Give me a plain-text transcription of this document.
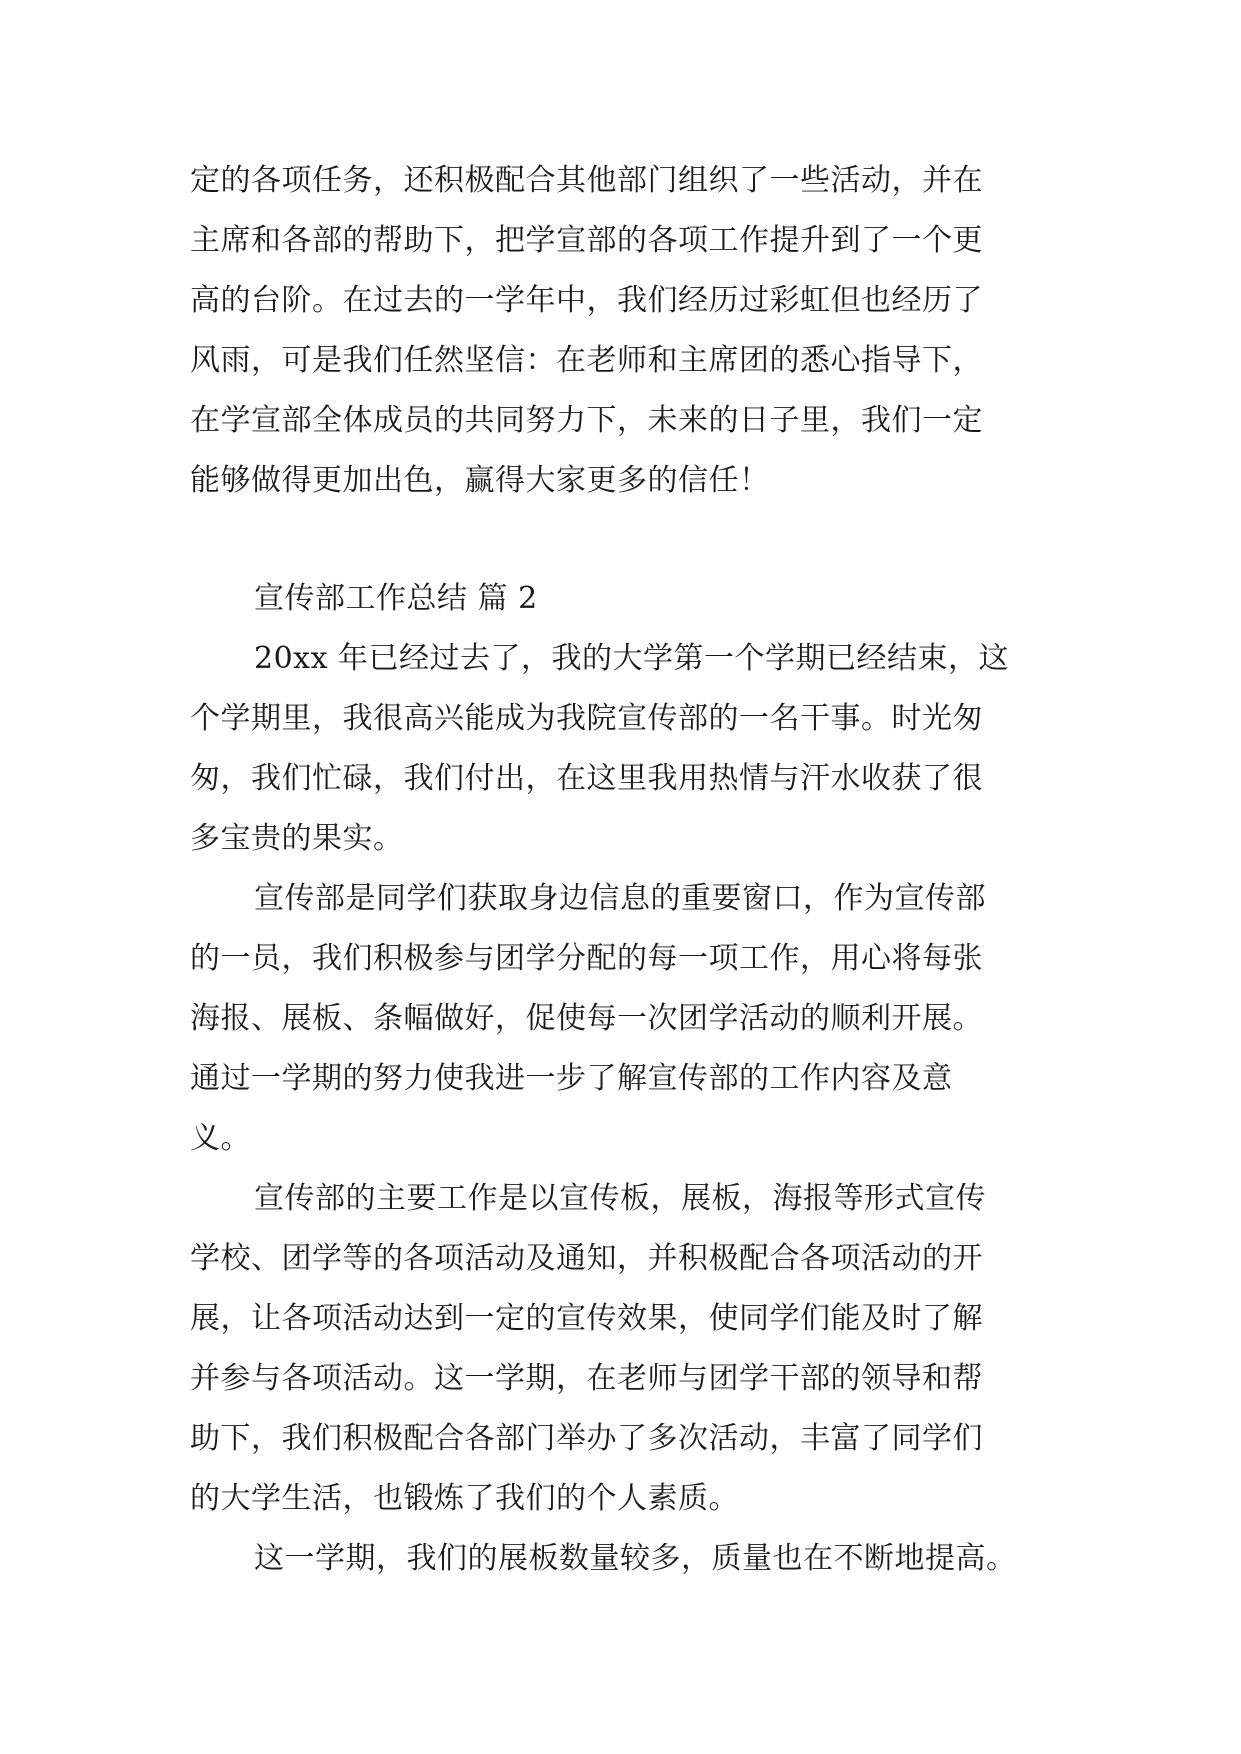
定的各项任务，还积极配合其他部门组织了一些活动，并在
主席和各部的帮助下，把学宣部的各项工作提升到了一个更
高的台阶。在过去的一学年中，我们经历过彩虹但也经历了
风雨，可是我们任然坚信：在老师和主席团的悉心指导下，
在学宣部全体成员的共同努力下，未来的日子里，我们一定
能够做得更加出色，赢得大家更多的信任！
宣传部工作总结 篇 2
20xx 年已经过去了，我的大学第一个学期已经结束，这
个学期里，我很高兴能成为我院宣传部的一名干事。时光匆
匆，我们忙碌，我们付出，在这里我用热情与汗水收获了很
多宝贵的果实。
宣传部是同学们获取身边信息的重要窗口，作为宣传部
的一员，我们积极参与团学分配的每一项工作，用心将每张
海报、展板、条幅做好，促使每一次团学活动的顺利开展。
通过一学期的努力使我进一步了解宣传部的工作内容及意
义。
宣传部的主要工作是以宣传板，展板，海报等形式宣传
学校、团学等的各项活动及通知，并积极配合各项活动的开
展，让各项活动达到一定的宣传效果，使同学们能及时了解
并参与各项活动。这一学期，在老师与团学干部的领导和帮
助下，我们积极配合各部门举办了多次活动，丰富了同学们
的大学生活，也锻炼了我们的个人素质。
这一学期，我们的展板数量较多，质量也在不断地提高。
